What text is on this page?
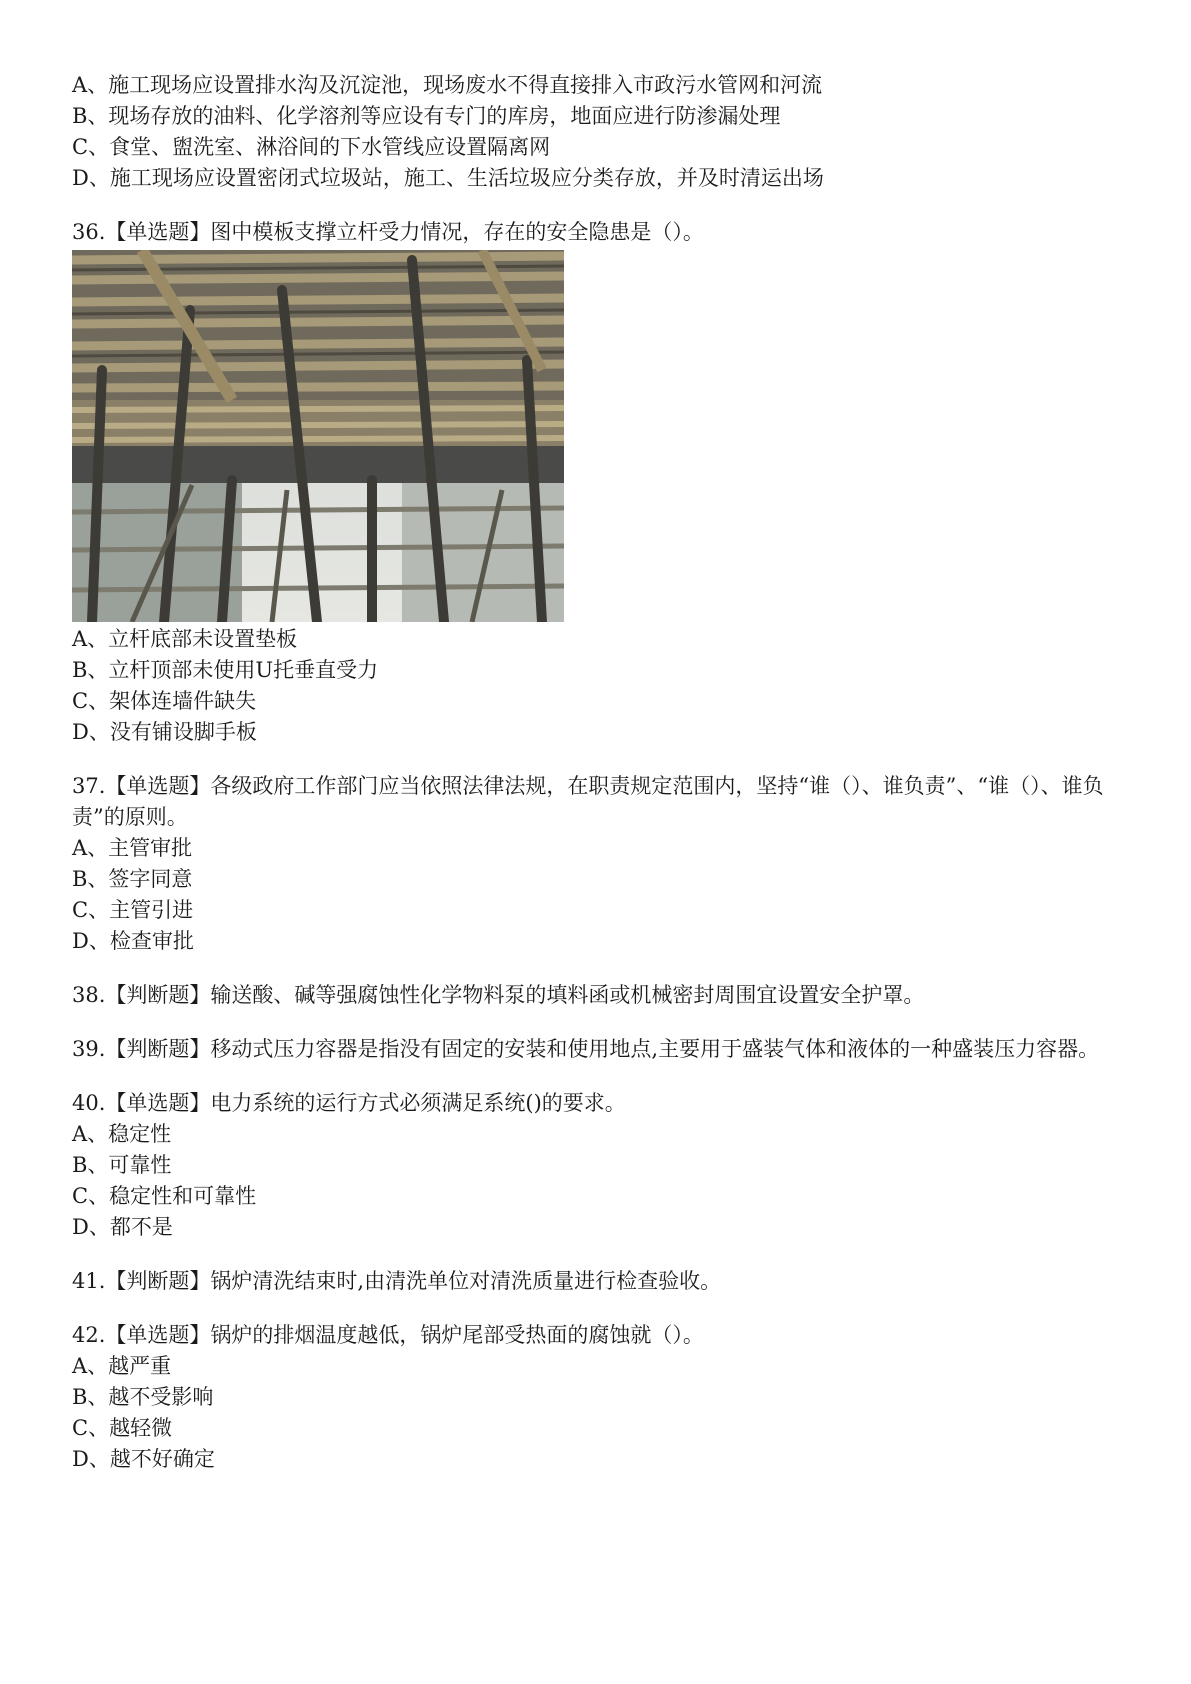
A、施工现场应设置排水沟及沉淀池，现场废水不得直接排入市政污水管网和河流
B、现场存放的油料、化学溶剂等应设有专门的库房，地面应进行防渗漏处理
C、食堂、盥洗室、淋浴间的下水管线应设置隔离网
D、施工现场应设置密闭式垃圾站，施工、生活垃圾应分类存放，并及时清运出场
36.【单选题】图中模板支撑立杆受力情况，存在的安全隐患是（）。
A、立杆底部未设置垫板
B、立杆顶部未使用U托垂直受力
C、架体连墙件缺失
D、没有铺设脚手板
37.【单选题】各级政府工作部门应当依照法律法规，在职责规定范围内，坚持“谁（）、谁负责”、“谁（）、谁负责”的原则。
A、主管审批
B、签字同意
C、主管引进
D、检查审批
38.【判断题】输送酸、碱等强腐蚀性化学物料泵的填料函或机械密封周围宜设置安全护罩。
39.【判断题】移动式压力容器是指没有固定的安装和使用地点,主要用于盛装气体和液体的一种盛装压力容器。
40.【单选题】电力系统的运行方式必须满足系统()的要求。
A、稳定性
B、可靠性
C、稳定性和可靠性
D、都不是
41.【判断题】锅炉清洗结束时,由清洗单位对清洗质量进行检查验收。
42.【单选题】锅炉的排烟温度越低，锅炉尾部受热面的腐蚀就（）。
A、越严重
B、越不受影响
C、越轻微
D、越不好确定
